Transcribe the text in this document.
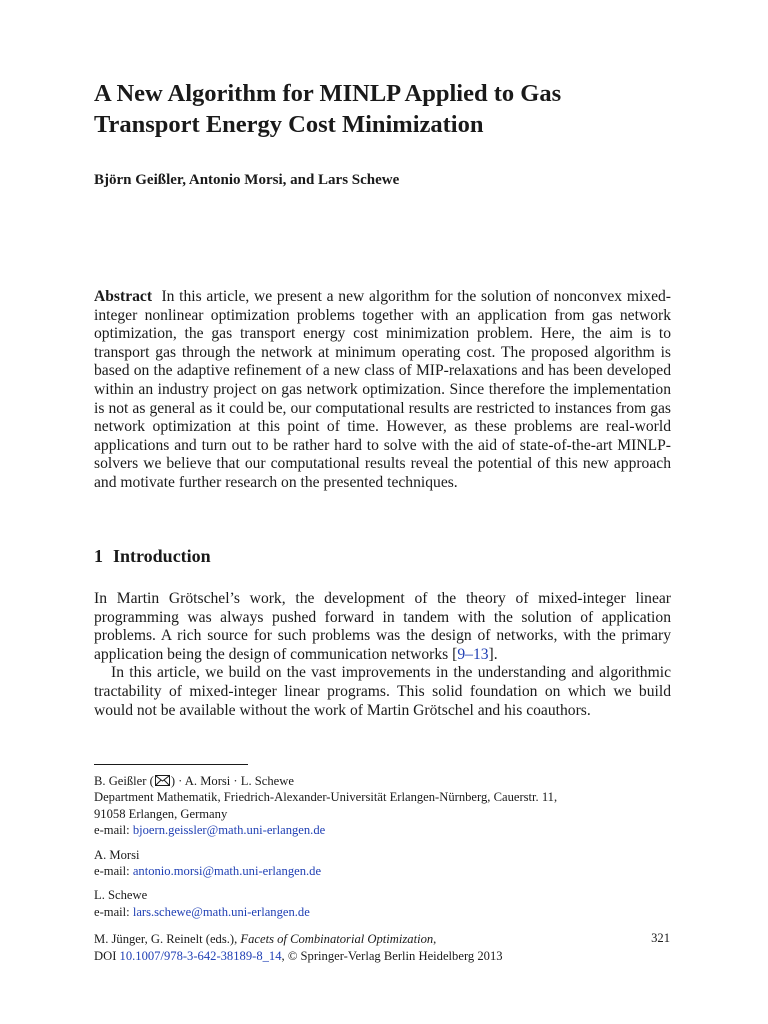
A New Algorithm for MINLP Applied to Gas
Transport Energy Cost Minimization

Björn Geißler, Antonio Morsi, and Lars Schewe

Abstract In this article, we present a new algorithm for the solution of nonconvex mixed-integer nonlinear optimization problems together with an application from gas network optimization, the gas transport energy cost minimization problem. Here, the aim is to transport gas through the network at minimum operating cost. The proposed algorithm is based on the adaptive refinement of a new class of MIP-relaxations and has been developed within an industry project on gas network optimization. Since therefore the implementation is not as general as it could be, our computational results are restricted to instances from gas network optimization at this point of time. However, as these problems are real-world applications and turn out to be rather hard to solve with the aid of state-of-the-art MINLP-solvers we believe that our computational results reveal the potential of this new approach and motivate further research on the presented techniques.

1 Introduction

In Martin Grötschel’s work, the development of the theory of mixed-integer linear programming was always pushed forward in tandem with the solution of application problems. A rich source for such problems was the design of networks, with the primary application being the design of communication networks [9–13].

In this article, we build on the vast improvements in the understanding and algorithmic tractability of mixed-integer linear programs. This solid foundation on which we build would not be available without the work of Martin Grötschel and his coauthors.

B. Geißler ( ) · A. Morsi · L. Schewe
Department Mathematik, Friedrich-Alexander-Universität Erlangen-Nürnberg, Cauerstr. 11,
91058 Erlangen, Germany
e-mail: bjoern.geissler@math.uni-erlangen.de
A. Morsi
e-mail: antonio.morsi@math.uni-erlangen.de
L. Schewe
e-mail: lars.schewe@math.uni-erlangen.de
M. Jünger, G. Reinelt (eds.), Facets of Combinatorial Optimization,
DOI 10.1007/978-3-642-38189-8_14, © Springer-Verlag Berlin Heidelberg 2013
321
